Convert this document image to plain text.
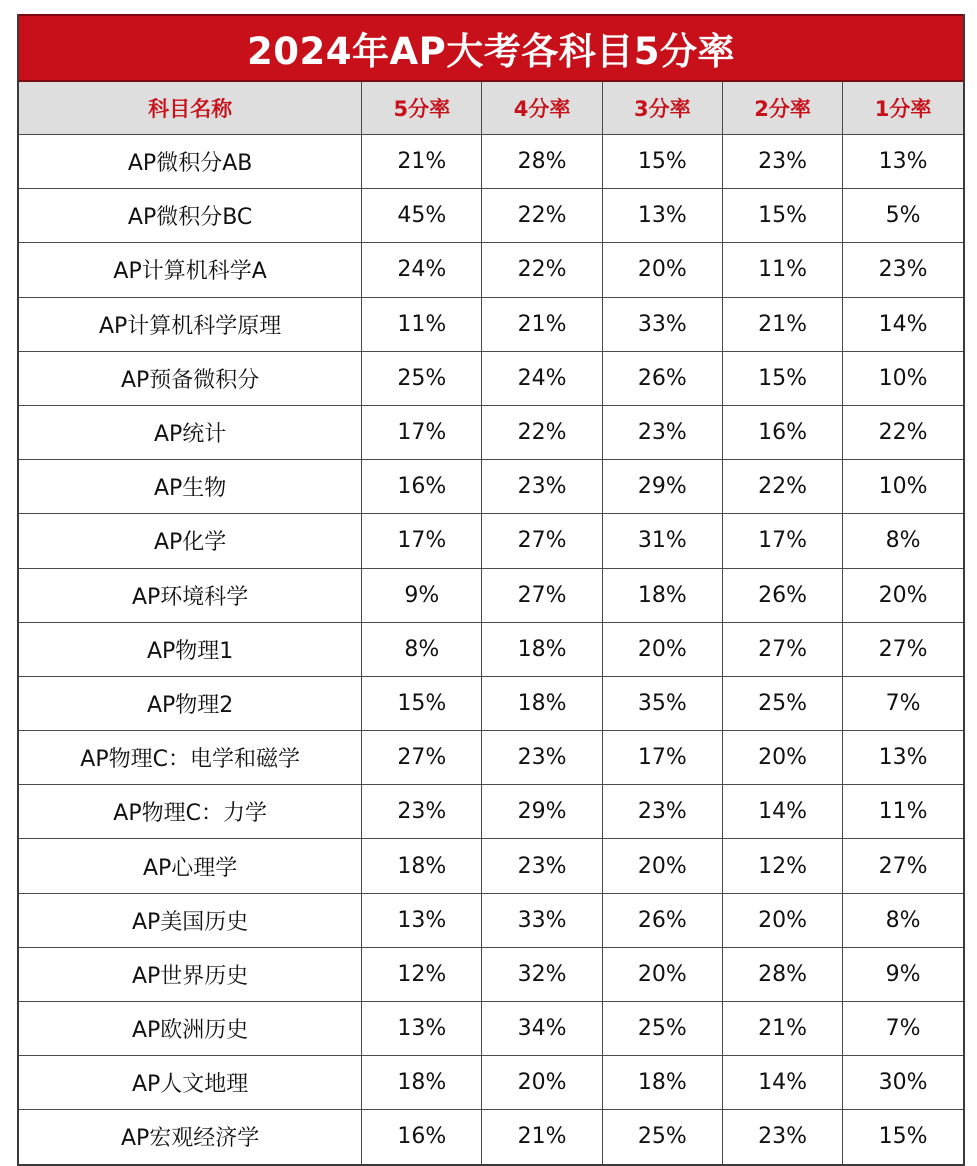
2024年AP大考各科目5分率
科目名称	5分率	4分率	3分率	2分率	1分率
AP微积分AB	21%	28%	15%	23%	13%
AP微积分BC	45%	22%	13%	15%	5%
AP计算机科学A	24%	22%	20%	11%	23%
AP计算机科学原理	11%	21%	33%	21%	14%
AP预备微积分	25%	24%	26%	15%	10%
AP统计	17%	22%	23%	16%	22%
AP生物	16%	23%	29%	22%	10%
AP化学	17%	27%	31%	17%	8%
AP环境科学	9%	27%	18%	26%	20%
AP物理1	8%	18%	20%	27%	27%
AP物理2	15%	18%	35%	25%	7%
AP物理C：电学和磁学	27%	23%	17%	20%	13%
AP物理C：力学	23%	29%	23%	14%	11%
AP心理学	18%	23%	20%	12%	27%
AP美国历史	13%	33%	26%	20%	8%
AP世界历史	12%	32%	20%	28%	9%
AP欧洲历史	13%	34%	25%	21%	7%
AP人文地理	18%	20%	18%	14%	30%
AP宏观经济学	16%	21%	25%	23%	15%
